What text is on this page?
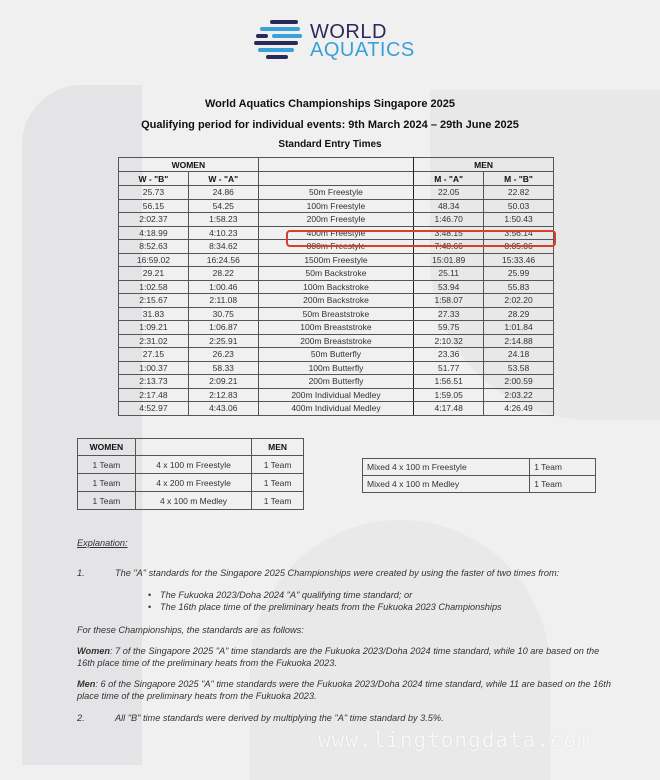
WORLD
AQUATICS
World Aquatics Championships Singapore 2025
Qualifying period for individual events: 9th March 2024 – 29th June 2025
Standard Entry Times
WOMEN			MEN	
W - "B"	W - "A"		M - "A"	M - "B"
25.73	24.86	50m Freestyle	22.05	22.82
56.15	54.25	100m Freestyle	48.34	50.03
2:02.37	1:58.23	200m Freestyle	1:46.70	1:50.43
4:18.99	4:10.23	400m Freestyle	3:48.15	3:56.14
8:52.63	8:34.62	800m Freestyle	7:48.66	8:05.06
16:59.02	16:24.56	1500m Freestyle	15:01.89	15:33.46
29.21	28.22	50m Backstroke	25.11	25.99
1:02.58	1:00.46	100m Backstroke	53.94	55.83
2:15.67	2:11.08	200m Backstroke	1:58.07	2:02.20
31.83	30.75	50m Breaststroke	27.33	28.29
1:09.21	1:06.87	100m Breaststroke	59.75	1:01.84
2:31.02	2:25.91	200m Breaststroke	2:10.32	2:14.88
27.15	26.23	50m Butterfly	23.36	24.18
1:00.37	58.33	100m Butterfly	51.77	53.58
2:13.73	2:09.21	200m Butterfly	1:56.51	2:00.59
2:17.48	2:12.83	200m Individual Medley	1:59.05	2:03.22
4:52.97	4:43.06	400m Individual Medley	4:17.48	4:26.49
WOMEN		MEN
1 Team	4 x 100 m Freestyle	1 Team
1 Team	4 x 200 m Freestyle	1 Team
1 Team	4 x 100 m Medley	1 Team
Mixed 4 x 100 m Freestyle	1 Team
Mixed 4 x 100 m Medley	1 Team
Explanation:
1.	The "A" standards for the Singapore 2025 Championships were created by using the faster of two times from:
• The Fukuoka 2023/Doha 2024 "A" qualifying time standard; or
• The 16th place time of the preliminary heats from the Fukuoka 2023 Championships
For these Championships, the standards are as follows:
Women: 7 of the Singapore 2025 "A" time standards are the Fukuoka 2023/Doha 2024 time standard, while 10 are based on the 16th place time of the preliminary heats from the Fukuoka 2023.
Men: 6 of the Singapore 2025 "A" time standards were the Fukuoka 2023/Doha 2024 time standard, while 11 are based on the 16th place time of the preliminary heats from the Fukuoka 2023.
2.	All "B" time standards were derived by multiplying the "A" time standard by 3.5%.
www.lingtongdata.com
